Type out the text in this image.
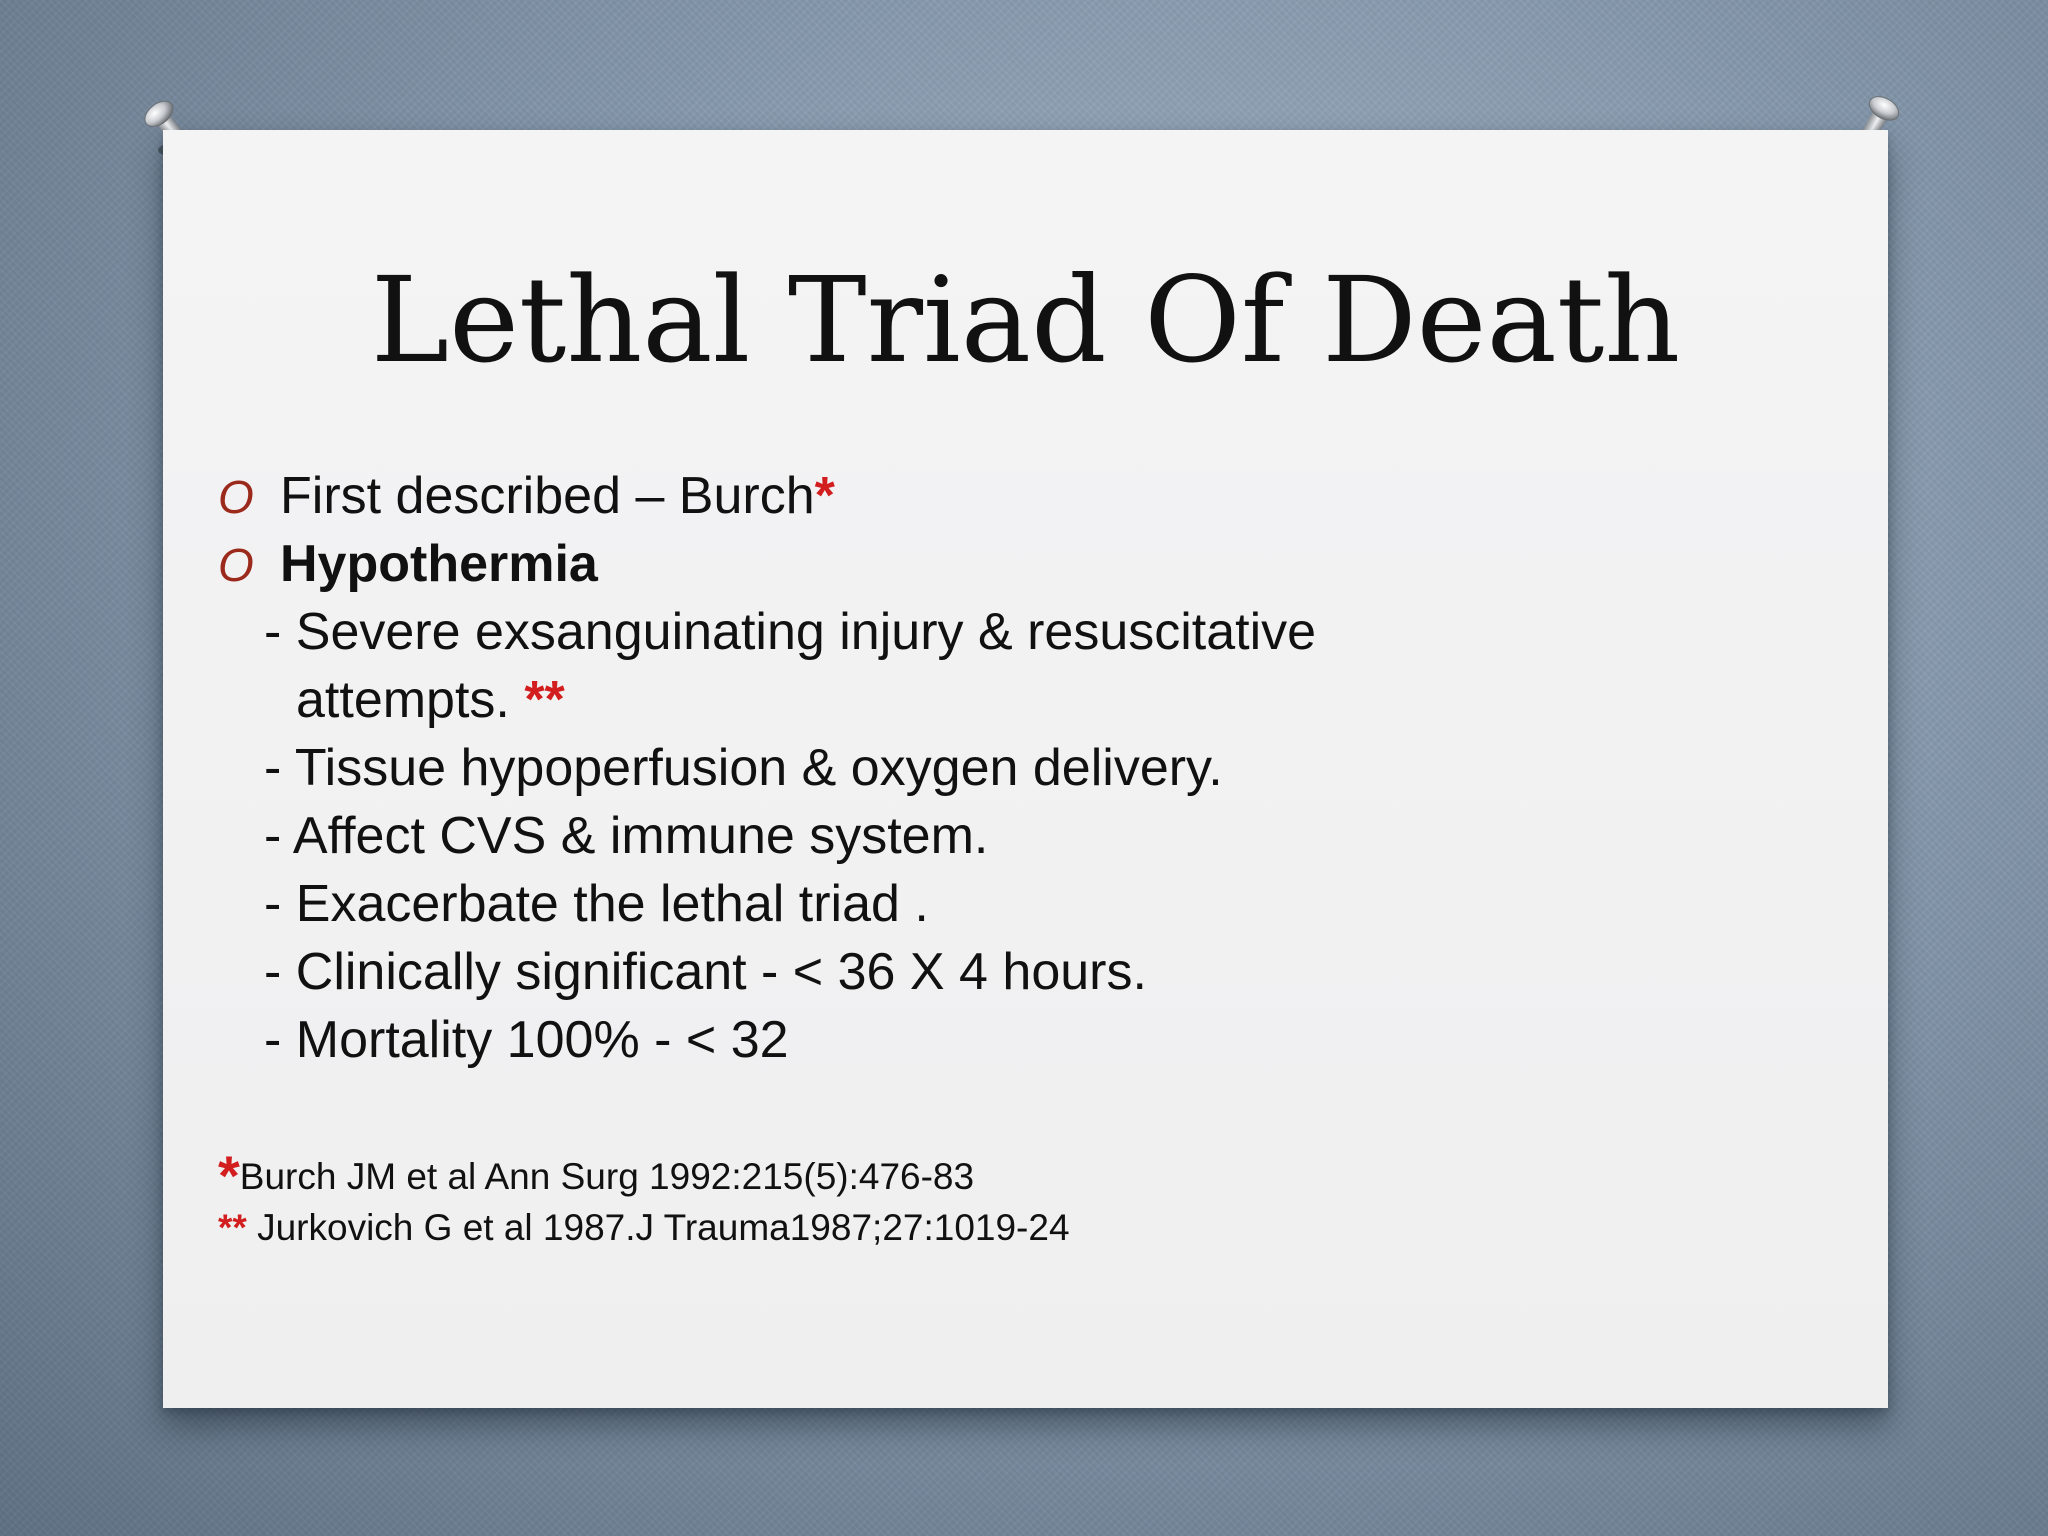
Lethal Triad Of Death
O First described – Burch*
O Hypothermia
- Severe exsanguinating injury & resuscitative
attempts. **
- Tissue hypoperfusion & oxygen delivery.
- Affect CVS & immune system.
- Exacerbate the lethal triad .
- Clinically significant - < 36 X 4 hours.
- Mortality 100% - < 32
*Burch JM et al Ann Surg 1992:215(5):476-83
** Jurkovich G et al 1987.J Trauma1987;27:1019-24
